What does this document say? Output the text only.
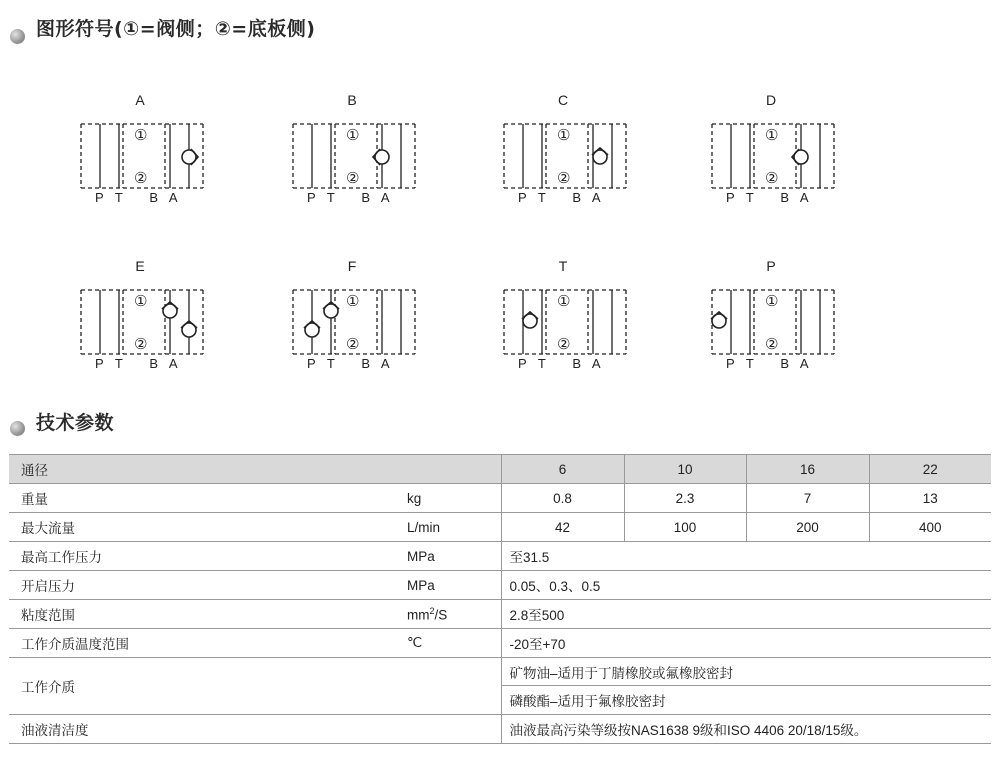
图形符号(①=阀侧；②=底板侧)
A
①
②
P T   B A
B
①
②
P T   B A
C
①
②
P T   B A
D
①
②
P T   B A
E
①
②
P T   B A
F
①
②
P T   B A
T
①
②
P T   B A
P
①
②
P T   B A
技术参数
通径		6	10	16	22
重量	kg	0.8	2.3	7	13
最大流量	L/min	42	100	200	400
最高工作压力	MPa	至31.5			
开启压力	MPa	0.05、0.3、0.5			
粘度范围	$mm^2/S$	2.8至500			
工作介质温度范围	℃	-20至+70			
工作介质		矿物油–适用于丁腈橡胶或氟橡胶密封			
		磷酸酯–适用于氟橡胶密封			
油液清洁度		油液最高污染等级按NAS1638 9级和ISO 4406 20/18/15级。			
